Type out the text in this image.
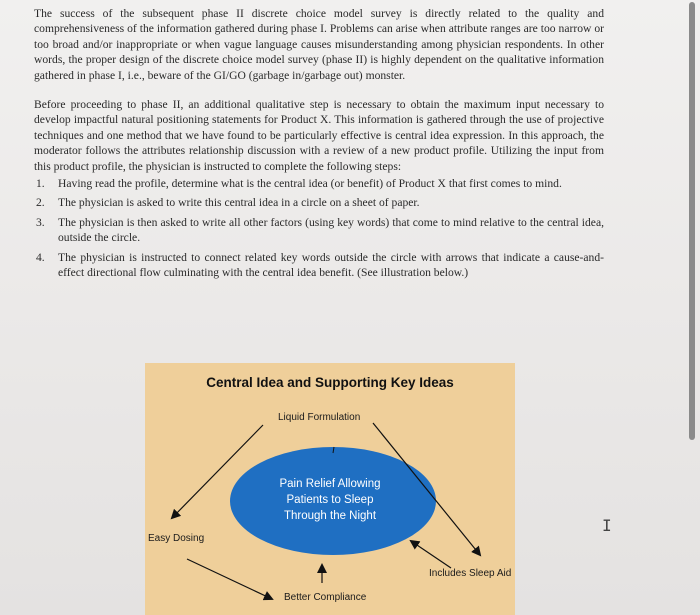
The success of the subsequent phase II discrete choice model survey is directly related to the quality and comprehensiveness of the information gathered during phase I. Problems can arise when attribute ranges are too narrow or too broad and/or inappropriate or when vague language causes misunderstanding among physician respondents. In other words, the proper design of the discrete choice model survey (phase II) is highly dependent on the qualitative information gathered in phase I, i.e., beware of the GI/GO (garbage in/garbage out) monster.

Before proceeding to phase II, an additional qualitative step is necessary to obtain the maximum input necessary to develop impactful natural positioning statements for Product X. This information is gathered through the use of projective techniques and one method that we have found to be particularly effective is central idea expression. In this approach, the moderator follows the attributes relationship discussion with a review of a new product profile. Utilizing the input from this product profile, the physician is instructed to complete the following steps:

1. Having read the profile, determine what is the central idea (or benefit) of Product X that first comes to mind.
2. The physician is asked to write this central idea in a circle on a sheet of paper.
3. The physician is then asked to write all other factors (using key words) that come to mind relative to the central idea, outside the circle.
4. The physician is instructed to connect related key words outside the circle with arrows that indicate a cause-and-effect directional flow culminating with the central idea benefit. (See illustration below.)
Central Idea and Supporting Key Ideas
Liquid Formulation
Easy Dosing
Includes Sleep Aid
Better Compliance
Pain Relief Allowing
Patients to Sleep
Through the Night	I
